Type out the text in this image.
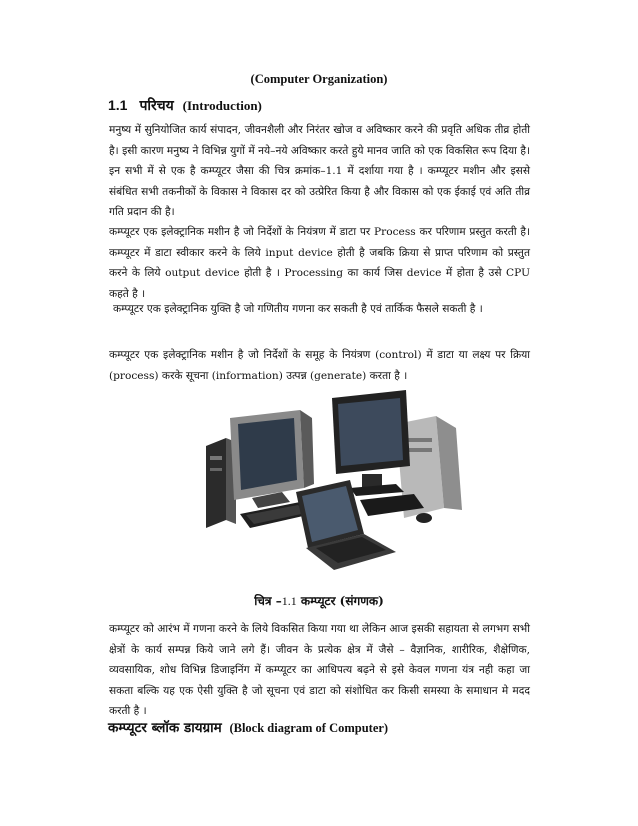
(Computer Organization)
1.1 परिचय (Introduction)
मनुष्य में सुनियोजित कार्य संपादन, जीवनशैली और निरंतर खोज व अविष्कार करने की प्रवृति अधिक तीव्र होती है। इसी कारण मनुष्य ने विभिन्न युगों में नये–नये अविष्कार करते हुये मानव जाति को एक विकसित रूप दिया है। इन सभी में से एक है कम्प्यूटर जैसा की चित्र क्रमांक–1.1 में दर्शाया गया है । कम्प्यूटर मशीन और इससे संबंधित सभी तकनीकों के विकास ने विकास दर को उत्प्रेरित किया है और विकास को एक ईकाई एवं अति तीव्र गति प्रदान की है।
कम्प्यूटर एक इलेक्ट्रानिक मशीन है जो निर्देशों के नियंत्रण में डाटा पर Process कर परिणाम प्रस्तुत करती है। कम्प्यूटर में डाटा स्वीकार करने के लिये input device होती है जबकि क्रिया से प्राप्त परिणाम को प्रस्तुत करने के लिये output device होती है । Processing का कार्य जिस device में होता है उसे CPU कहते है ।
कम्प्यूटर एक इलेक्ट्रानिक युक्ति है जो गणितीय गणना कर सकती है एवं तार्किक फैसले सकती है ।
कम्प्यूटर एक इलेक्ट्रानिक मशीन है जो निर्देशों के समूह के नियंत्रण (control) में डाटा या लक्ष्य पर क्रिया (process) करके सूचना (information) उत्पन्न (generate) करता है ।
चित्र –1.1 कम्प्यूटर (संगणक)
कम्प्यूटर को आरंभ में गणना करने के लिये विकसित किया गया था लेकिन आज इसकी सहायता से लगभग सभी क्षेत्रों के कार्य सम्पन्न किये जाने लगे हैं। जीवन के प्रत्येक क्षेत्र में जैसे – वैज्ञानिक, शारीरिक, शैक्षेणिक, व्यवसायिक, शोध विभिन्न डिजाइनिंग में कम्प्यूटर का आधिपत्य बढ़ने से इसे केवल गणना यंत्र नही कहा जा सकता बल्कि यह एक ऐसी युक्ति है जो सूचना एवं डाटा को संशोधित कर किसी समस्या के समाधान मे मदद करती है ।
कम्प्यूटर ब्लॉक डायग्राम (Block diagram of Computer)
